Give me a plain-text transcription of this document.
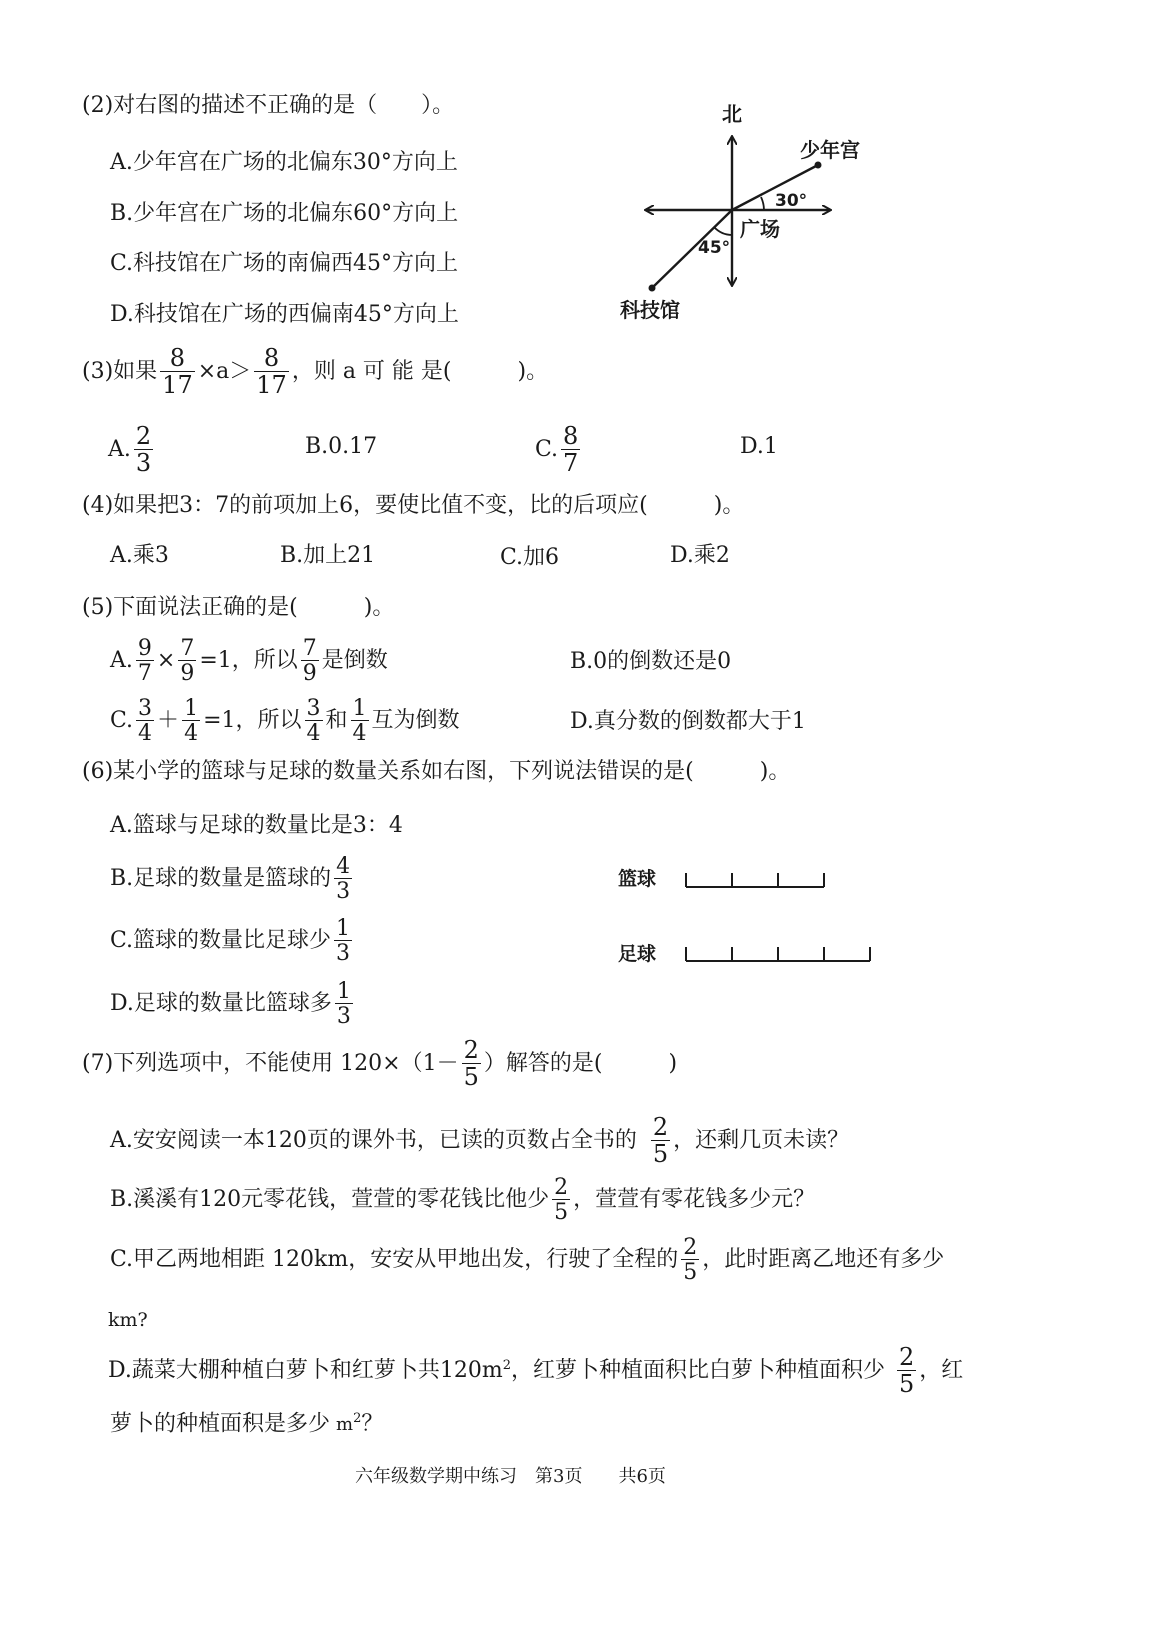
(2)对右图的描述不正确的是（　　）。
A.少年宫在广场的北偏东30°方向上
B.少年宫在广场的北偏东60°方向上
C.科技馆在广场的南偏西45°方向上
D.科技馆在广场的西偏南45°方向上
北
少年宫
广场
科技馆
30°
45°
(3)如果 $\frac{8}{17} \times a> \frac{8}{17}$ ，则 a 可 能 是(　　　)。
A. $\frac{2}{3}$	B.0.17	C. $\frac{8}{7}$	D.1
(4)如果把3：7的前项加上6，要使比值不变，比的后项应(　　　)。
A.乘3	B.加上21	C.加6	D.乘2
(5)下面说法正确的是(　　　)。
A. $\frac{9}{7} \times \frac{7}{9} =1$，所以 $\frac{7}{9}$ 是倒数	B.0的倒数还是0
C. $\frac{3}{4} + \frac{1}{4} =1$，所以 $\frac{3}{4}$ 和 $\frac{1}{4}$ 互为倒数	D.真分数的倒数都大于1
(6)某小学的篮球与足球的数量关系如右图，下列说法错误的是(　　　)。
A.篮球与足球的数量比是3：4
B.足球的数量是篮球的 $\frac{4}{3}$
C.篮球的数量比足球少 $\frac{1}{3}$
D.足球的数量比篮球多 $\frac{1}{3}$
篮球
足球
(7)下列选项中，不能使用 $120\times(1- \frac{2}{5}$ ）解答的是(　　　)
A.安安阅读一本120页的课外书，已读的页数占全书的 $\frac{2}{5}$ ，还剩几页未读？
B.溪溪有120元零花钱，萱萱的零花钱比他少 $\frac{2}{5}$ ，萱萱有零花钱多少元？
C.甲乙两地相距 120km，安安从甲地出发，行驶了全程的 $\frac{2}{5}$ ，此时距离乙地还有多少
km?
D.蔬菜大棚种植白萝卜和红萝卜共$120m^2$，红萝卜种植面积比白萝卜种植面积少 $\frac{2}{5}$ ，红
萝卜的种植面积是多少 $m^2$？
六年级数学期中练习　第3页　　共6页
